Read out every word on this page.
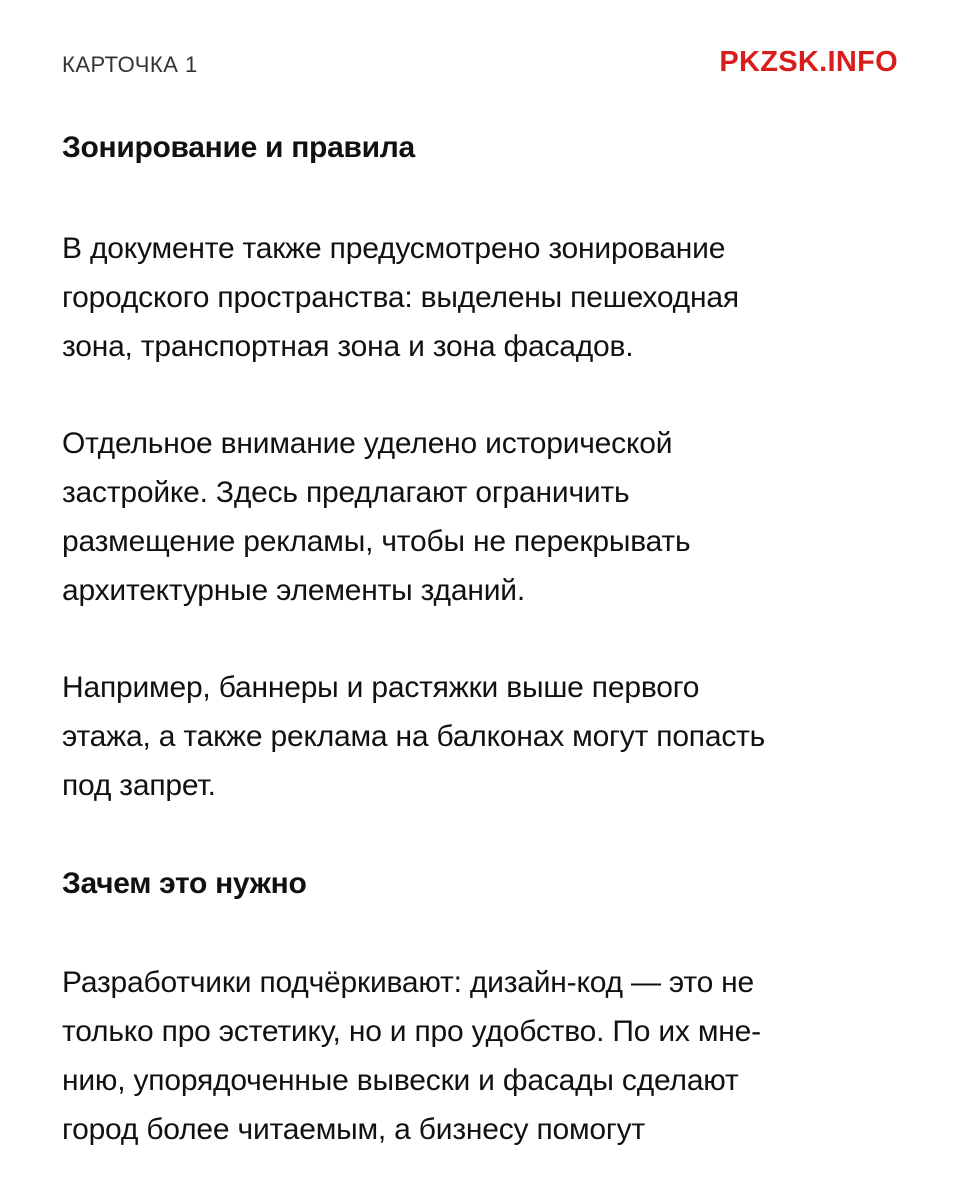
КАРТОЧКА 1	PKZSK.INFO
Зонирование и правила

В документе также предусмотрено зонирование
городского пространства: выделены пешеходная
зона, транспортная зона и зона фасадов.

Отдельное внимание уделено исторической
застройке. Здесь предлагают ограничить
размещение рекламы, чтобы не перекрывать
архитектурные элементы зданий.

Например, баннеры и растяжки выше первого
этажа, а также реклама на балконах могут попасть
под запрет.

Зачем это нужно

Разработчики подчёркивают: дизайн-код — это не
только про эстетику, но и про удобство. По их мне-
нию, упорядоченные вывески и фасады сделают
город более читаемым, а бизнесу помогут
